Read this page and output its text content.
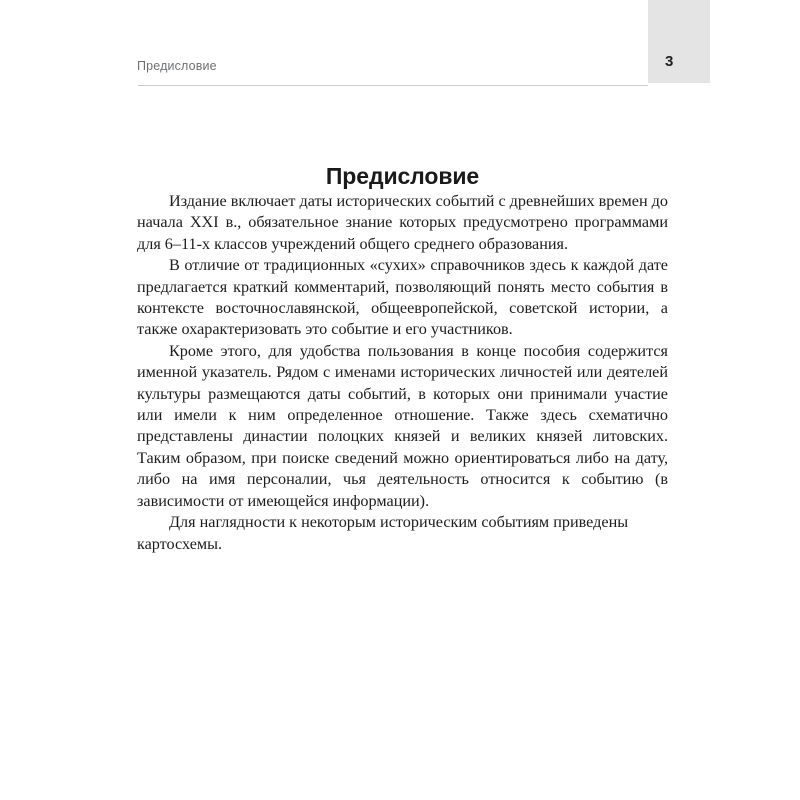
3
Предисловие
Предисловие

Издание включает даты исторических событий с древнейших времен до начала XXI в., обязательное знание которых предусмотрено программами для 6–11-х классов учреждений общего среднего образования.

В отличие от традиционных «сухих» справочников здесь к каждой дате предлагается краткий комментарий, позволяющий понять место события в контексте восточнославянской, общеевропейской, советской истории, а также охарактеризовать это событие и его участников.

Кроме этого, для удобства пользования в конце пособия содержится именной указатель. Рядом с именами исторических личностей или деятелей культуры размещаются даты событий, в которых они принимали участие или имели к ним определенное отношение. Также здесь схематично представлены династии полоцких князей и великих князей литовских. Таким образом, при поиске сведений можно ориентироваться либо на дату, либо на имя персоналии, чья деятельность относится к событию (в зависимости от имеющейся информации).

Для наглядности к некоторым историческим событиям приведены картосхемы.
